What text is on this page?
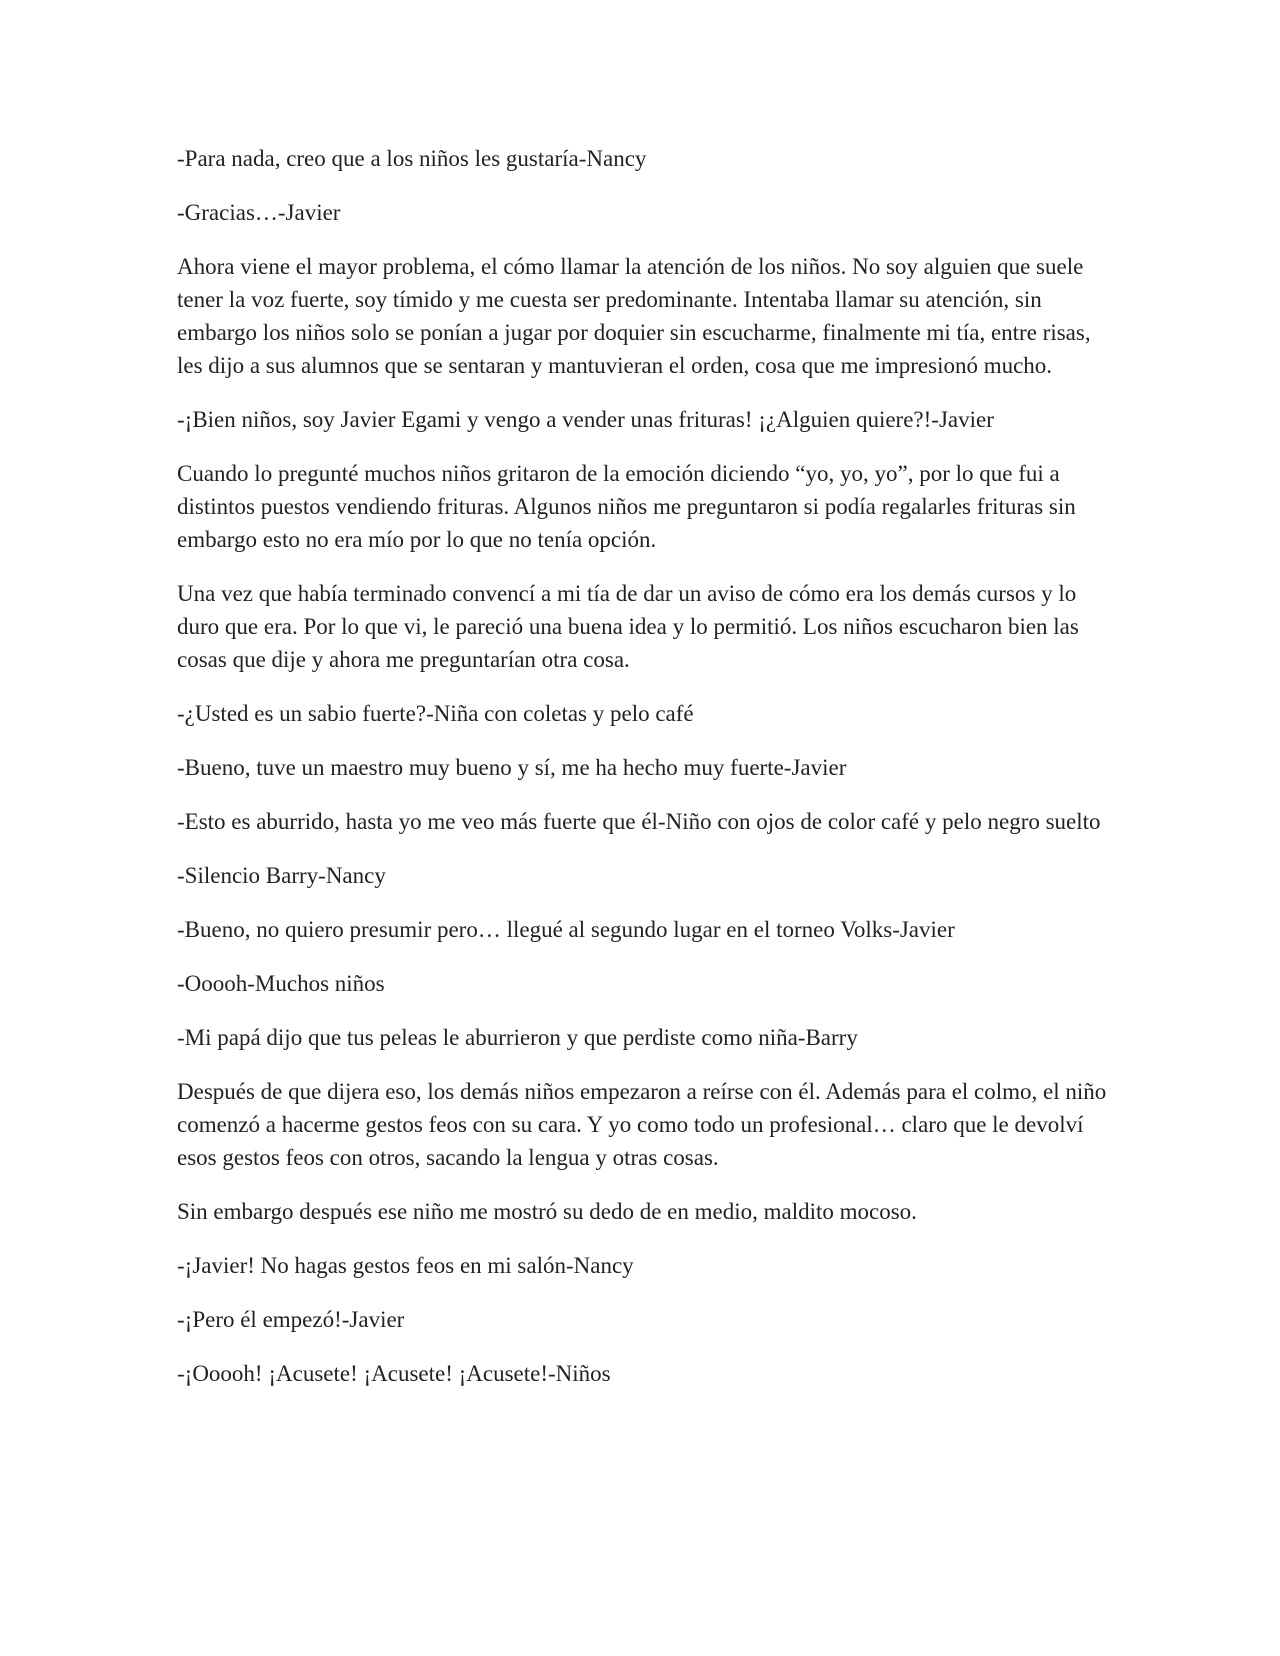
-Para nada, creo que a los niños les gustaría-Nancy

-Gracias…-Javier

Ahora viene el mayor problema, el cómo llamar la atención de los niños. No soy alguien que suele tener la voz fuerte, soy tímido y me cuesta ser predominante. Intentaba llamar su atención, sin embargo los niños solo se ponían a jugar por doquier sin escucharme, finalmente mi tía, entre risas, les dijo a sus alumnos que se sentaran y mantuvieran el orden, cosa que me impresionó mucho.

-¡Bien niños, soy Javier Egami y vengo a vender unas frituras! ¡¿Alguien quiere?!-Javier

Cuando lo pregunté muchos niños gritaron de la emoción diciendo “yo, yo, yo”, por lo que fui a distintos puestos vendiendo frituras. Algunos niños me preguntaron si podía regalarles frituras sin embargo esto no era mío por lo que no tenía opción.

Una vez que había terminado convencí a mi tía de dar un aviso de cómo era los demás cursos y lo duro que era. Por lo que vi, le pareció una buena idea y lo permitió. Los niños escucharon bien las cosas que dije y ahora me preguntarían otra cosa.

-¿Usted es un sabio fuerte?-Niña con coletas y pelo café

-Bueno, tuve un maestro muy bueno y sí, me ha hecho muy fuerte-Javier

-Esto es aburrido, hasta yo me veo más fuerte que él-Niño con ojos de color café y pelo negro suelto

-Silencio Barry-Nancy

-Bueno, no quiero presumir pero… llegué al segundo lugar en el torneo Volks-Javier

-Ooooh-Muchos niños

-Mi papá dijo que tus peleas le aburrieron y que perdiste como niña-Barry

Después de que dijera eso, los demás niños empezaron a reírse con él. Además para el colmo, el niño comenzó a hacerme gestos feos con su cara. Y yo como todo un profesional… claro que le devolví esos gestos feos con otros, sacando la lengua y otras cosas.

Sin embargo después ese niño me mostró su dedo de en medio, maldito mocoso.

-¡Javier! No hagas gestos feos en mi salón-Nancy

-¡Pero él empezó!-Javier

-¡Ooooh! ¡Acusete! ¡Acusete! ¡Acusete!-Niños
